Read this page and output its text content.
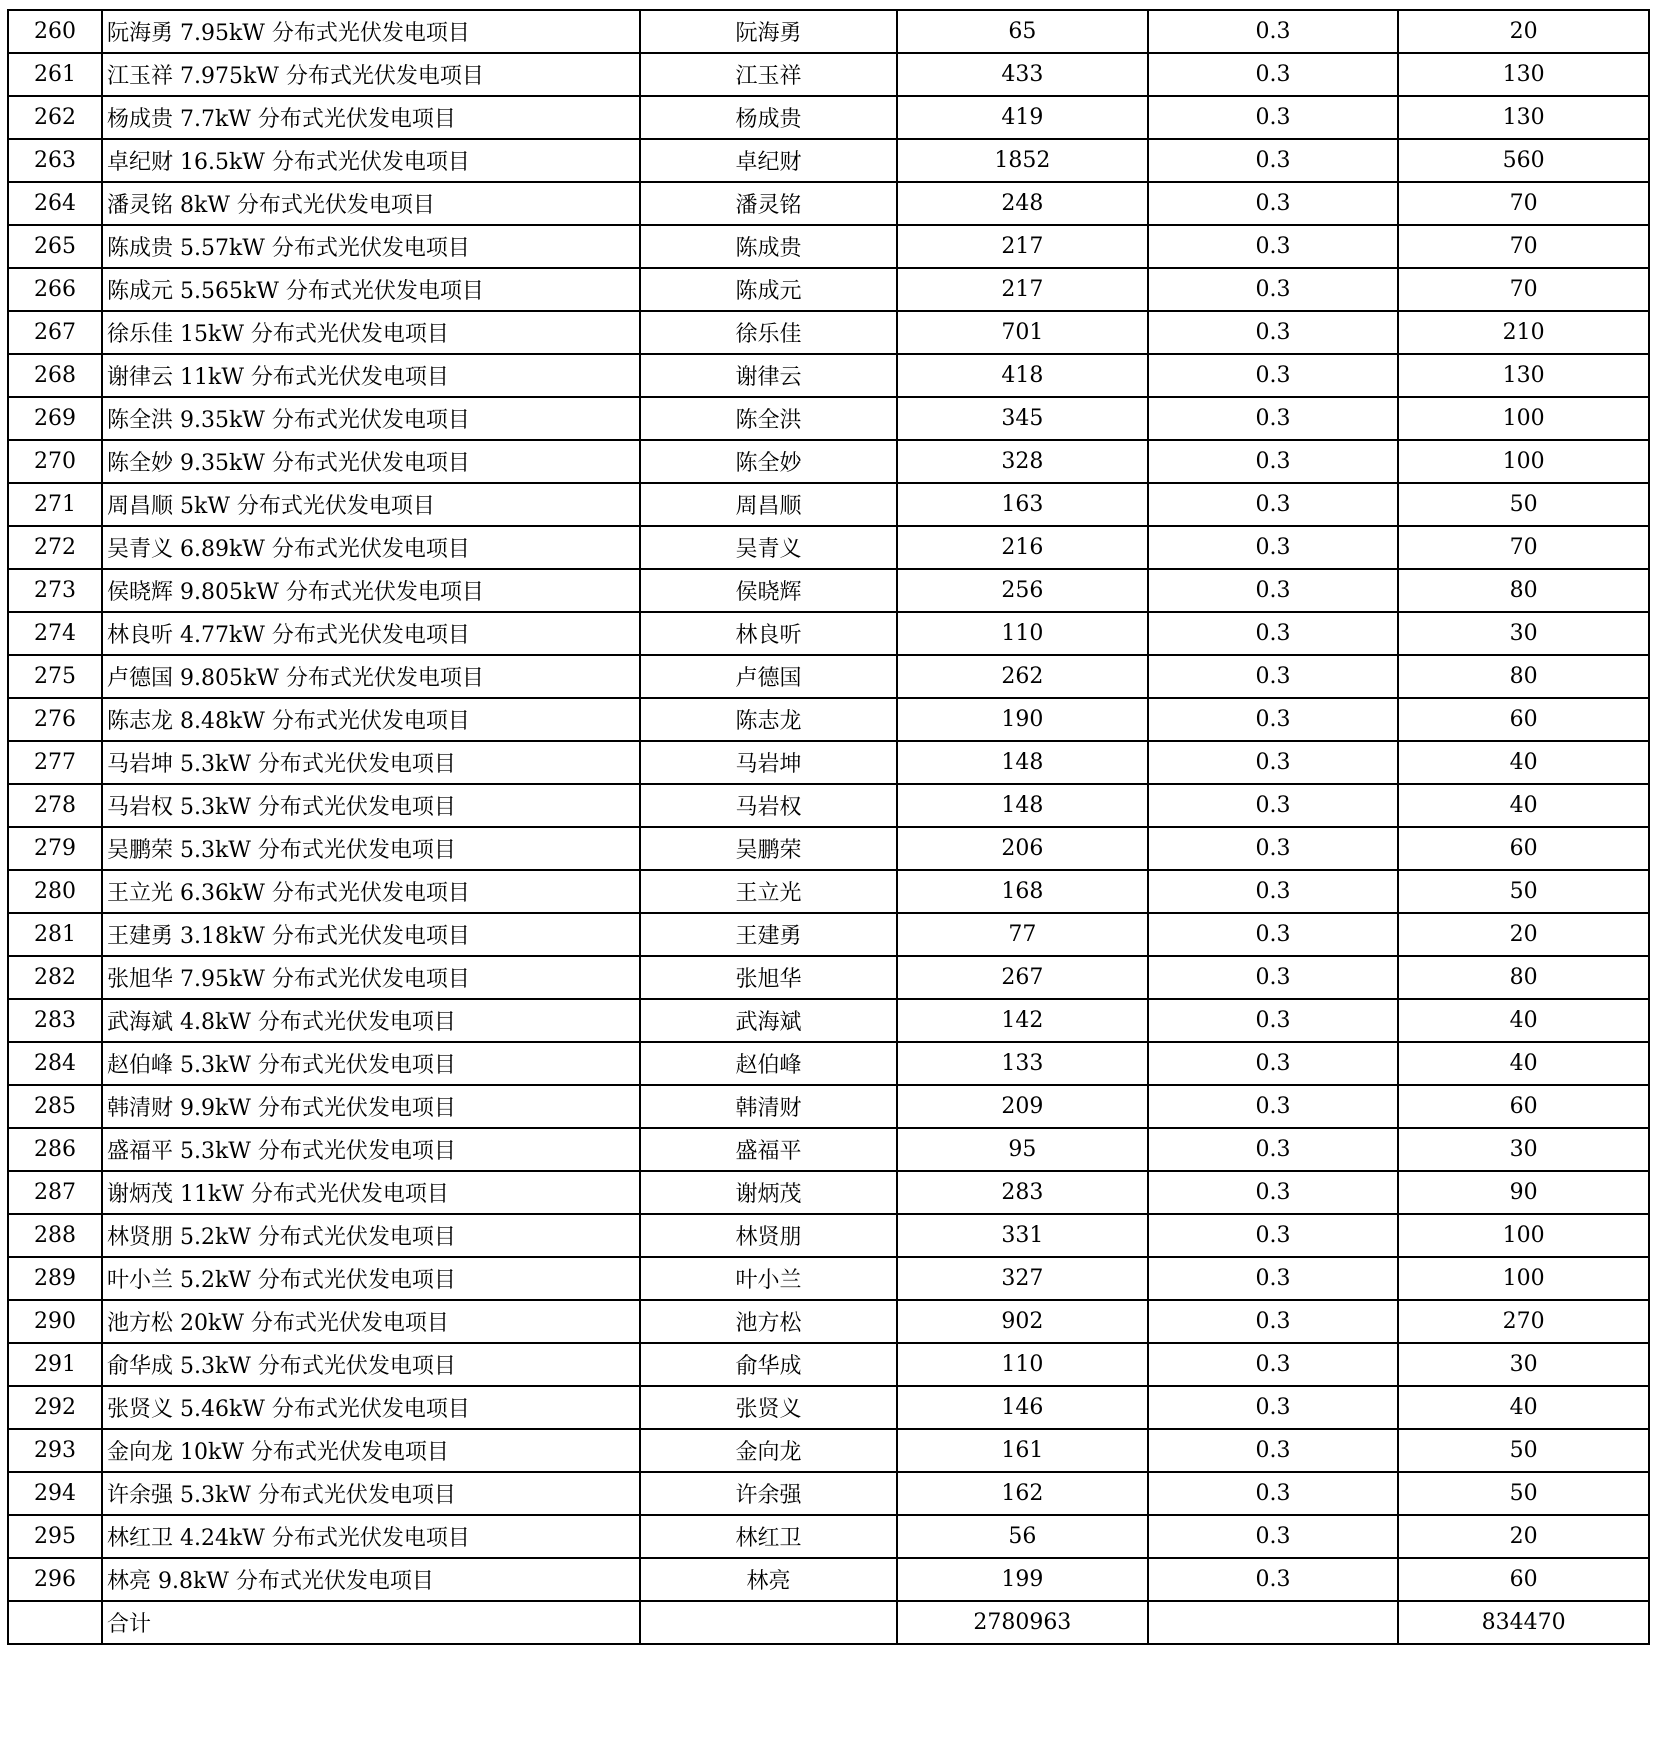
260	阮海勇 7.95kW 分布式光伏发电项目	阮海勇	65	0.3	20
261	江玉祥 7.975kW 分布式光伏发电项目	江玉祥	433	0.3	130
262	杨成贵 7.7kW 分布式光伏发电项目	杨成贵	419	0.3	130
263	卓纪财 16.5kW 分布式光伏发电项目	卓纪财	1852	0.3	560
264	潘灵铭 8kW 分布式光伏发电项目	潘灵铭	248	0.3	70
265	陈成贵 5.57kW 分布式光伏发电项目	陈成贵	217	0.3	70
266	陈成元 5.565kW 分布式光伏发电项目	陈成元	217	0.3	70
267	徐乐佳 15kW 分布式光伏发电项目	徐乐佳	701	0.3	210
268	谢律云 11kW 分布式光伏发电项目	谢律云	418	0.3	130
269	陈全洪 9.35kW 分布式光伏发电项目	陈全洪	345	0.3	100
270	陈全妙 9.35kW 分布式光伏发电项目	陈全妙	328	0.3	100
271	周昌顺 5kW 分布式光伏发电项目	周昌顺	163	0.3	50
272	吴青义 6.89kW 分布式光伏发电项目	吴青义	216	0.3	70
273	侯晓辉 9.805kW 分布式光伏发电项目	侯晓辉	256	0.3	80
274	林良听 4.77kW 分布式光伏发电项目	林良听	110	0.3	30
275	卢德国 9.805kW 分布式光伏发电项目	卢德国	262	0.3	80
276	陈志龙 8.48kW 分布式光伏发电项目	陈志龙	190	0.3	60
277	马岩坤 5.3kW 分布式光伏发电项目	马岩坤	148	0.3	40
278	马岩权 5.3kW 分布式光伏发电项目	马岩权	148	0.3	40
279	吴鹏荣 5.3kW 分布式光伏发电项目	吴鹏荣	206	0.3	60
280	王立光 6.36kW 分布式光伏发电项目	王立光	168	0.3	50
281	王建勇 3.18kW 分布式光伏发电项目	王建勇	77	0.3	20
282	张旭华 7.95kW 分布式光伏发电项目	张旭华	267	0.3	80
283	武海斌 4.8kW 分布式光伏发电项目	武海斌	142	0.3	40
284	赵伯峰 5.3kW 分布式光伏发电项目	赵伯峰	133	0.3	40
285	韩清财 9.9kW 分布式光伏发电项目	韩清财	209	0.3	60
286	盛福平 5.3kW 分布式光伏发电项目	盛福平	95	0.3	30
287	谢炳茂 11kW 分布式光伏发电项目	谢炳茂	283	0.3	90
288	林贤朋 5.2kW 分布式光伏发电项目	林贤朋	331	0.3	100
289	叶小兰 5.2kW 分布式光伏发电项目	叶小兰	327	0.3	100
290	池方松 20kW 分布式光伏发电项目	池方松	902	0.3	270
291	俞华成 5.3kW 分布式光伏发电项目	俞华成	110	0.3	30
292	张贤义 5.46kW 分布式光伏发电项目	张贤义	146	0.3	40
293	金向龙 10kW 分布式光伏发电项目	金向龙	161	0.3	50
294	许余强 5.3kW 分布式光伏发电项目	许余强	162	0.3	50
295	林红卫 4.24kW 分布式光伏发电项目	林红卫	56	0.3	20
296	林亮 9.8kW 分布式光伏发电项目	林亮	199	0.3	60
	合计		2780963		834470
